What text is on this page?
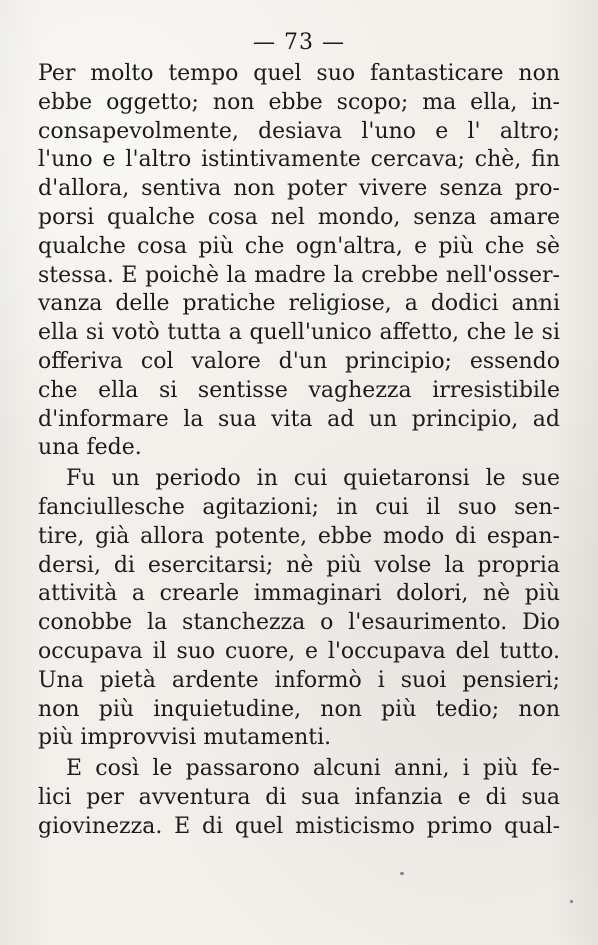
— 73 —
Per molto tempo quel suo fantasticare non
ebbe oggetto; non ebbe scopo; ma ella, in-
consapevolmente, desiava l'uno e l' altro;
l'uno e l'altro istintivamente cercava; chè, fin
d'allora, sentiva non poter vivere senza pro-
porsi qualche cosa nel mondo, senza amare
qualche cosa più che ogn'altra, e più che sè
stessa. E poichè la madre la crebbe nell'osser-
vanza delle pratiche religiose, a dodici anni
ella si votò tutta a quell'unico affetto, che le si
offeriva col valore d'un principio; essendo
che ella si sentisse vaghezza irresistibile
d'informare la sua vita ad un principio, ad
una fede.
Fu un periodo in cui quietaronsi le sue
fanciullesche agitazioni; in cui il suo sen-
tire, già allora potente, ebbe modo di espan-
dersi, di esercitarsi; nè più volse la propria
attività a crearle immaginari dolori, nè più
conobbe la stanchezza o l'esaurimento. Dio
occupava il suo cuore, e l'occupava del tutto.
Una pietà ardente informò i suoi pensieri;
non più inquietudine, non più tedio; non
più improvvisi mutamenti.
E così le passarono alcuni anni, i più fe-
lici per avventura di sua infanzia e di sua
giovinezza. E di quel misticismo primo qual-
